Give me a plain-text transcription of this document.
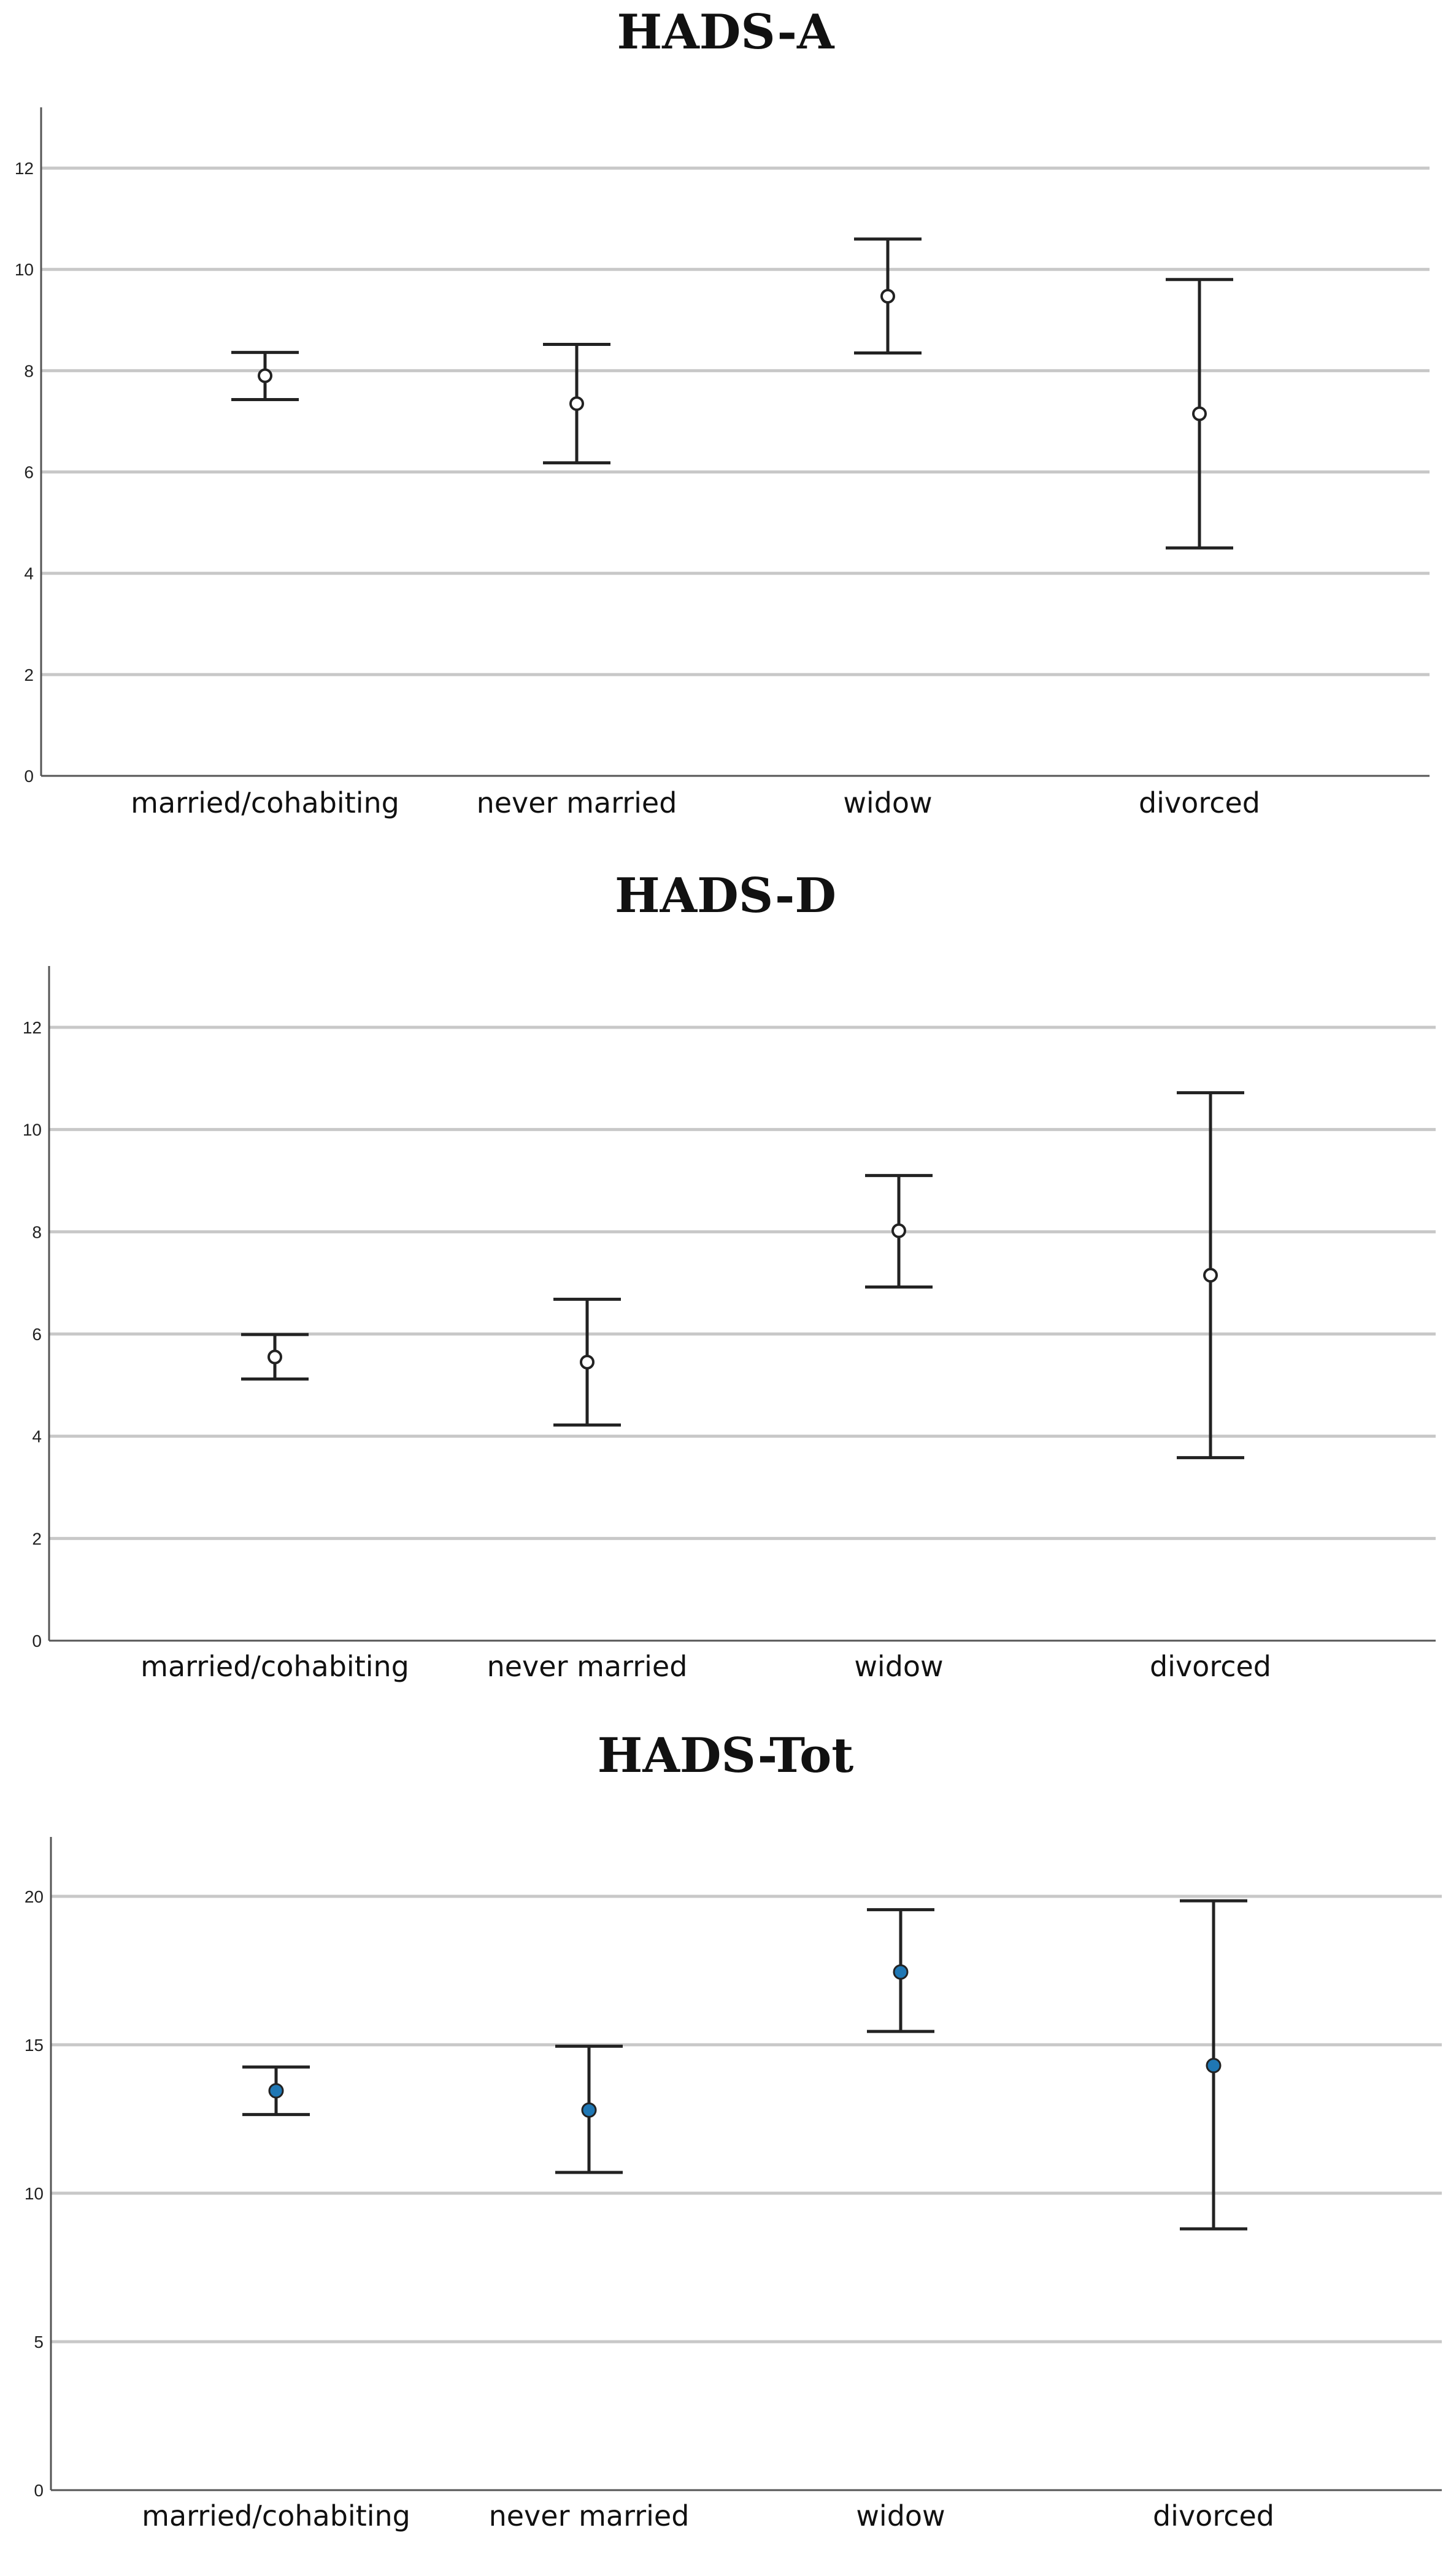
HADS-A
0
2
4
6
8
10
12
married/cohabiting	never married	widow	divorced
HADS-D
0
2
4
6
8
10
12
married/cohabiting	never married	widow	divorced
HADS-Tot
0
5
10
15
20
married/cohabiting	never married	widow	divorced
